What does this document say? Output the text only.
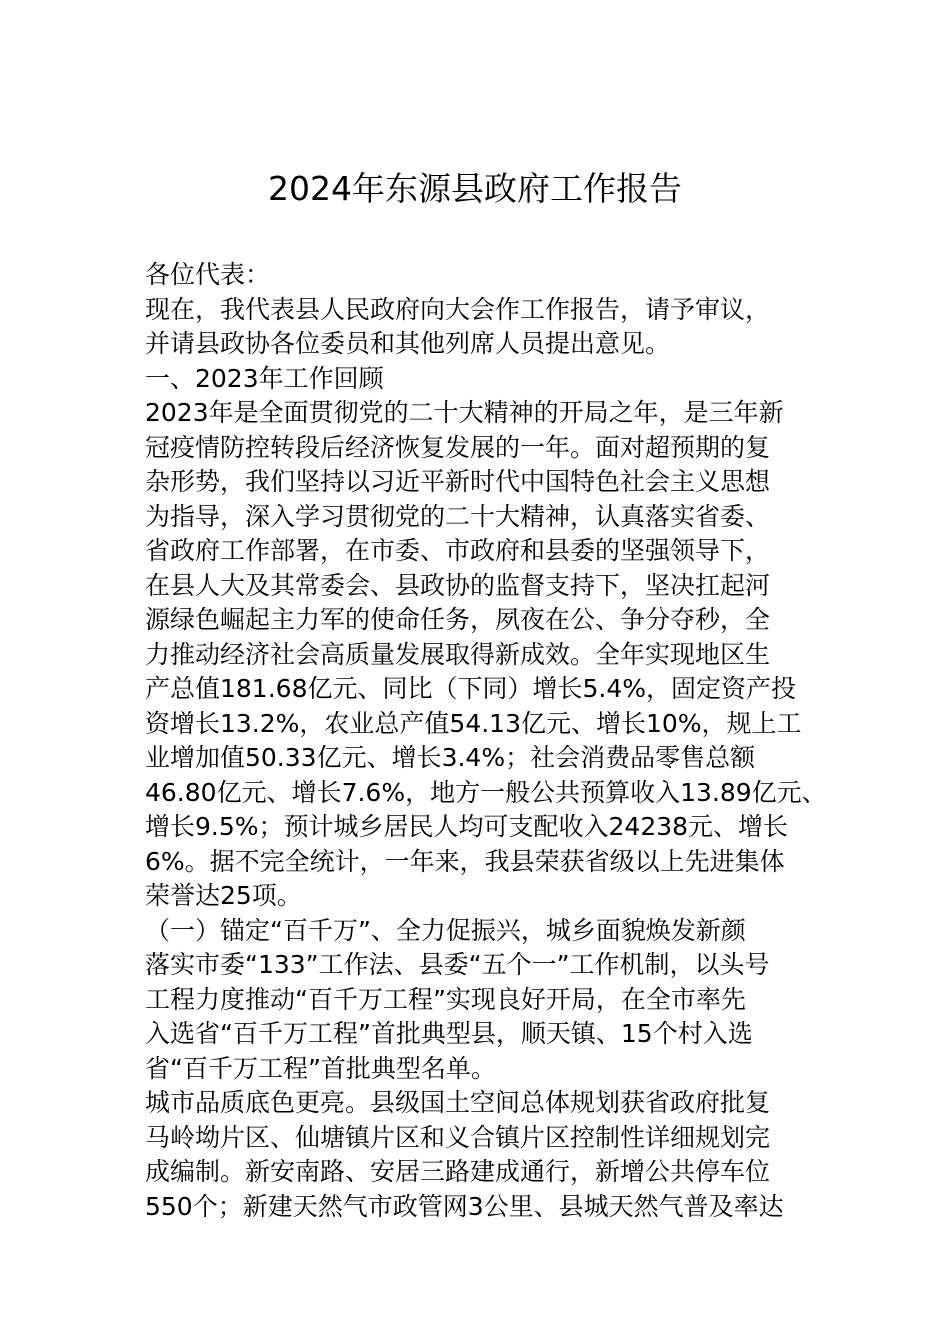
2024年东源县政府工作报告
各位代表：
现在，我代表县人民政府向大会作工作报告，请予审议，
并请县政协各位委员和其他列席人员提出意见。
一、2023年工作回顾
2023年是全面贯彻党的二十大精神的开局之年，是三年新
冠疫情防控转段后经济恢复发展的一年。面对超预期的复
杂形势，我们坚持以习近平新时代中国特色社会主义思想
为指导，深入学习贯彻党的二十大精神，认真落实省委、
省政府工作部署，在市委、市政府和县委的坚强领导下，
在县人大及其常委会、县政协的监督支持下，坚决扛起河
源绿色崛起主力军的使命任务，夙夜在公、争分夺秒，全
力推动经济社会高质量发展取得新成效。全年实现地区生
产总值181.68亿元、同比（下同）增长5.4%，固定资产投
资增长13.2%，农业总产值54.13亿元、增长10%，规上工
业增加值50.33亿元、增长3.4%；社会消费品零售总额
46.80亿元、增长7.6%，地方一般公共预算收入13.89亿元、
增长9.5%；预计城乡居民人均可支配收入24238元、增长
6%。据不完全统计，一年来，我县荣获省级以上先进集体
荣誉达25项。
（一）锚定“百千万”、全力促振兴，城乡面貌焕发新颜
落实市委“133”工作法、县委“五个一”工作机制，以头号
工程力度推动“百千万工程”实现良好开局，在全市率先
入选省“百千万工程”首批典型县，顺天镇、15个村入选
省“百千万工程”首批典型名单。
城市品质底色更亮。县级国土空间总体规划获省政府批复
马岭坳片区、仙塘镇片区和义合镇片区控制性详细规划完
成编制。新安南路、安居三路建成通行，新增公共停车位
550个；新建天然气市政管网3公里、县城天然气普及率达
